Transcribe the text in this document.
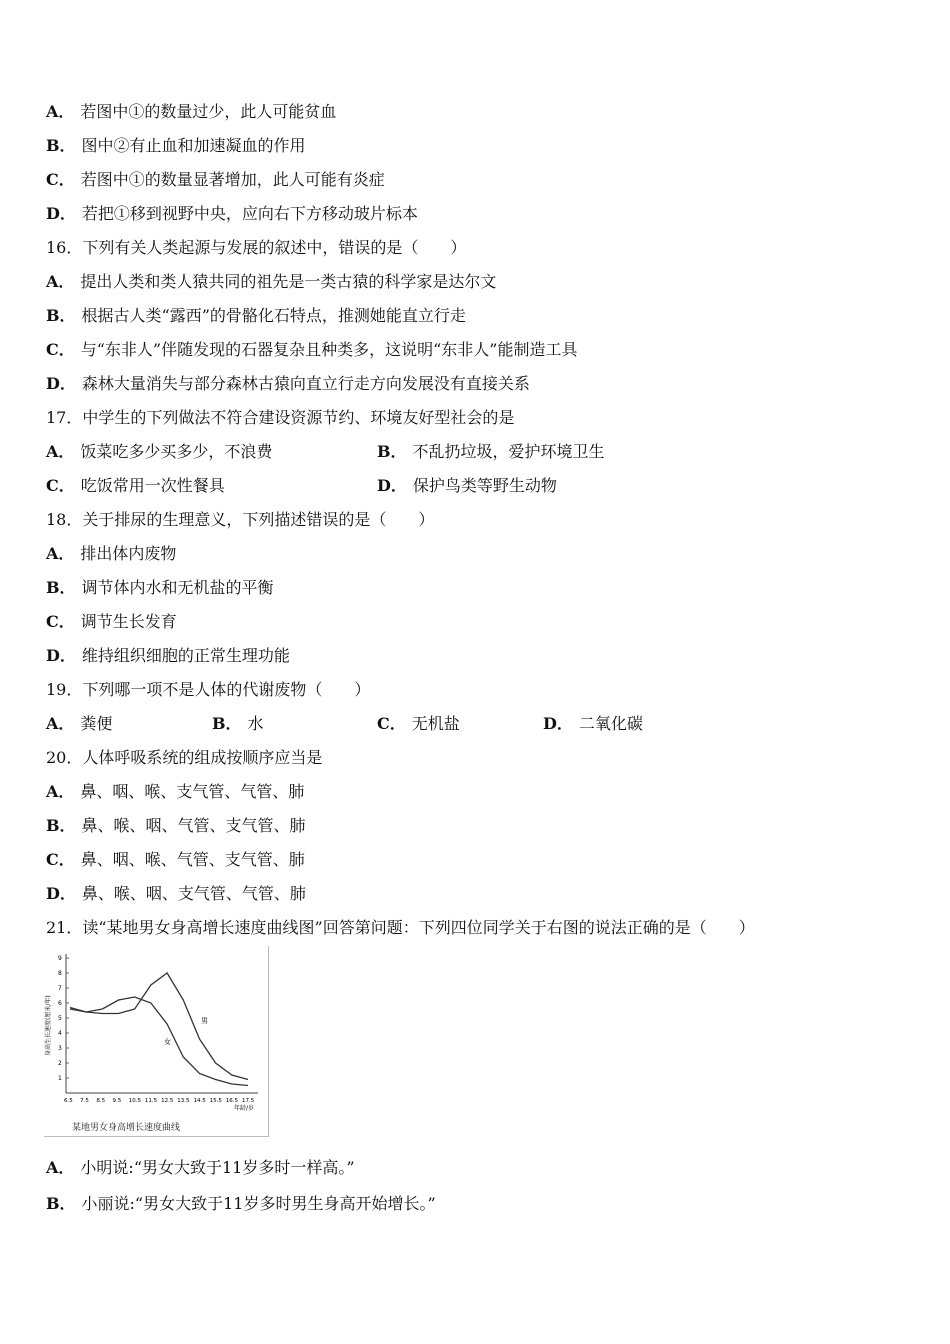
A． 若图中①的数量过少，此人可能贫血
B． 图中②有止血和加速凝血的作用
C． 若图中①的数量显著增加，此人可能有炎症
D． 若把①移到视野中央，应向右下方移动玻片标本
16．下列有关人类起源与发展的叙述中，错误的是（　　）
A． 提出人类和类人猿共同的祖先是一类古猿的科学家是达尔文
B． 根据古人类“露西”的骨骼化石特点，推测她能直立行走
C． 与“东非人”伴随发现的石器复杂且种类多，这说明“东非人”能制造工具
D． 森林大量消失与部分森林古猿向直立行走方向发展没有直接关系
17．中学生的下列做法不符合建设资源节约、环境友好型社会的是
A． 饭菜吃多少买多少，不浪费	B． 不乱扔垃圾，爱护环境卫生
C． 吃饭常用一次性餐具	D． 保护鸟类等野生动物
18．关于排尿的生理意义，下列描述错误的是（　　）
A． 排出体内废物
B． 调节体内水和无机盐的平衡
C． 调节生长发育
D． 维持组织细胞的正常生理功能
19．下列哪一项不是人体的代谢废物（　　）
A． 粪便	B． 水	C． 无机盐	D． 二氧化碳
20．人体呼吸系统的组成按顺序应当是
A． 鼻、咽、喉、支气管、气管、肺
B． 鼻、喉、咽、气管、支气管、肺
C． 鼻、咽、喉、气管、支气管、肺
D． 鼻、喉、咽、支气管、气管、肺
21．读“某地男女身高增长速度曲线图”回答第问题：下列四位同学关于右图的说法正确的是（　　）
1
2
3
4
5
6
7
8
9
6.5 7.5 8.5 9.5 10.5 11.5 12.5 13.5 14.5 15.5 16.5 17.5
身高生长速度(厘米/年)
年龄/岁
某地男女身高增长速度曲线
男
女
A． 小明说:“男女大致于11岁多时一样高。”
B． 小丽说:“男女大致于11岁多时男生身高开始增长。”
